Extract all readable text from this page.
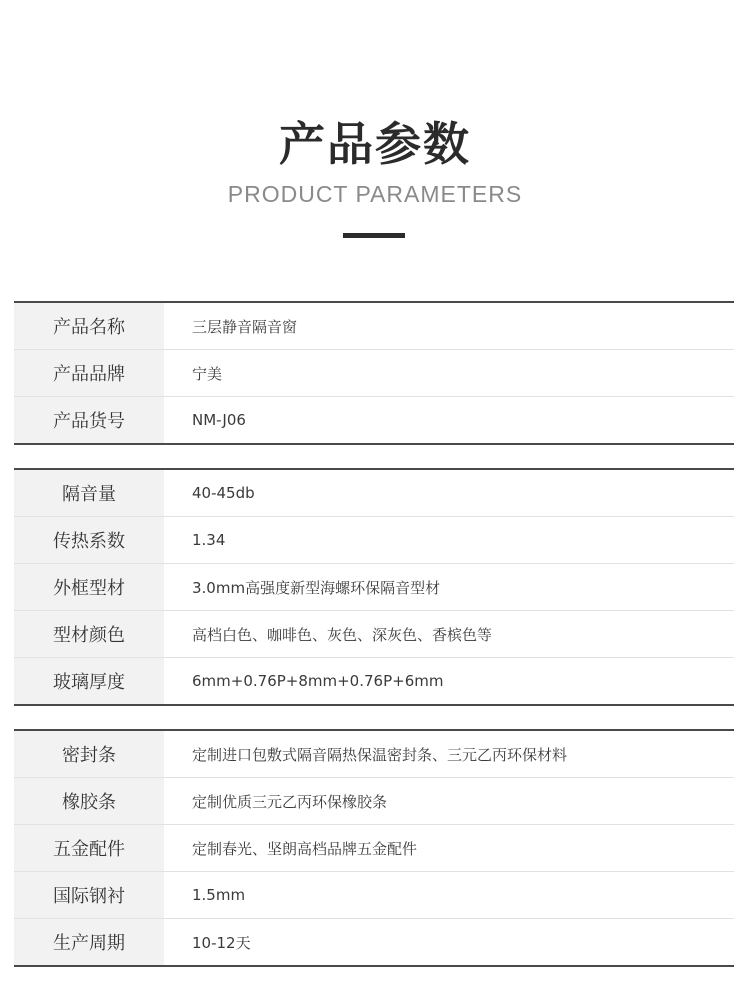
产品参数
PRODUCT PARAMETERS
产品名称	三层静音隔音窗
产品品牌	宁美
产品货号	NM-J06
隔音量	40-45db
传热系数	1.34
外框型材	3.0mm高强度新型海螺环保隔音型材
型材颜色	高档白色、咖啡色、灰色、深灰色、香槟色等
玻璃厚度	6mm+0.76P+8mm+0.76P+6mm
密封条	定制进口包敷式隔音隔热保温密封条、三元乙丙环保材料
橡胶条	定制优质三元乙丙环保橡胶条
五金配件	定制春光、坚朗高档品牌五金配件
国际钢衬	1.5mm
生产周期	10-12天
